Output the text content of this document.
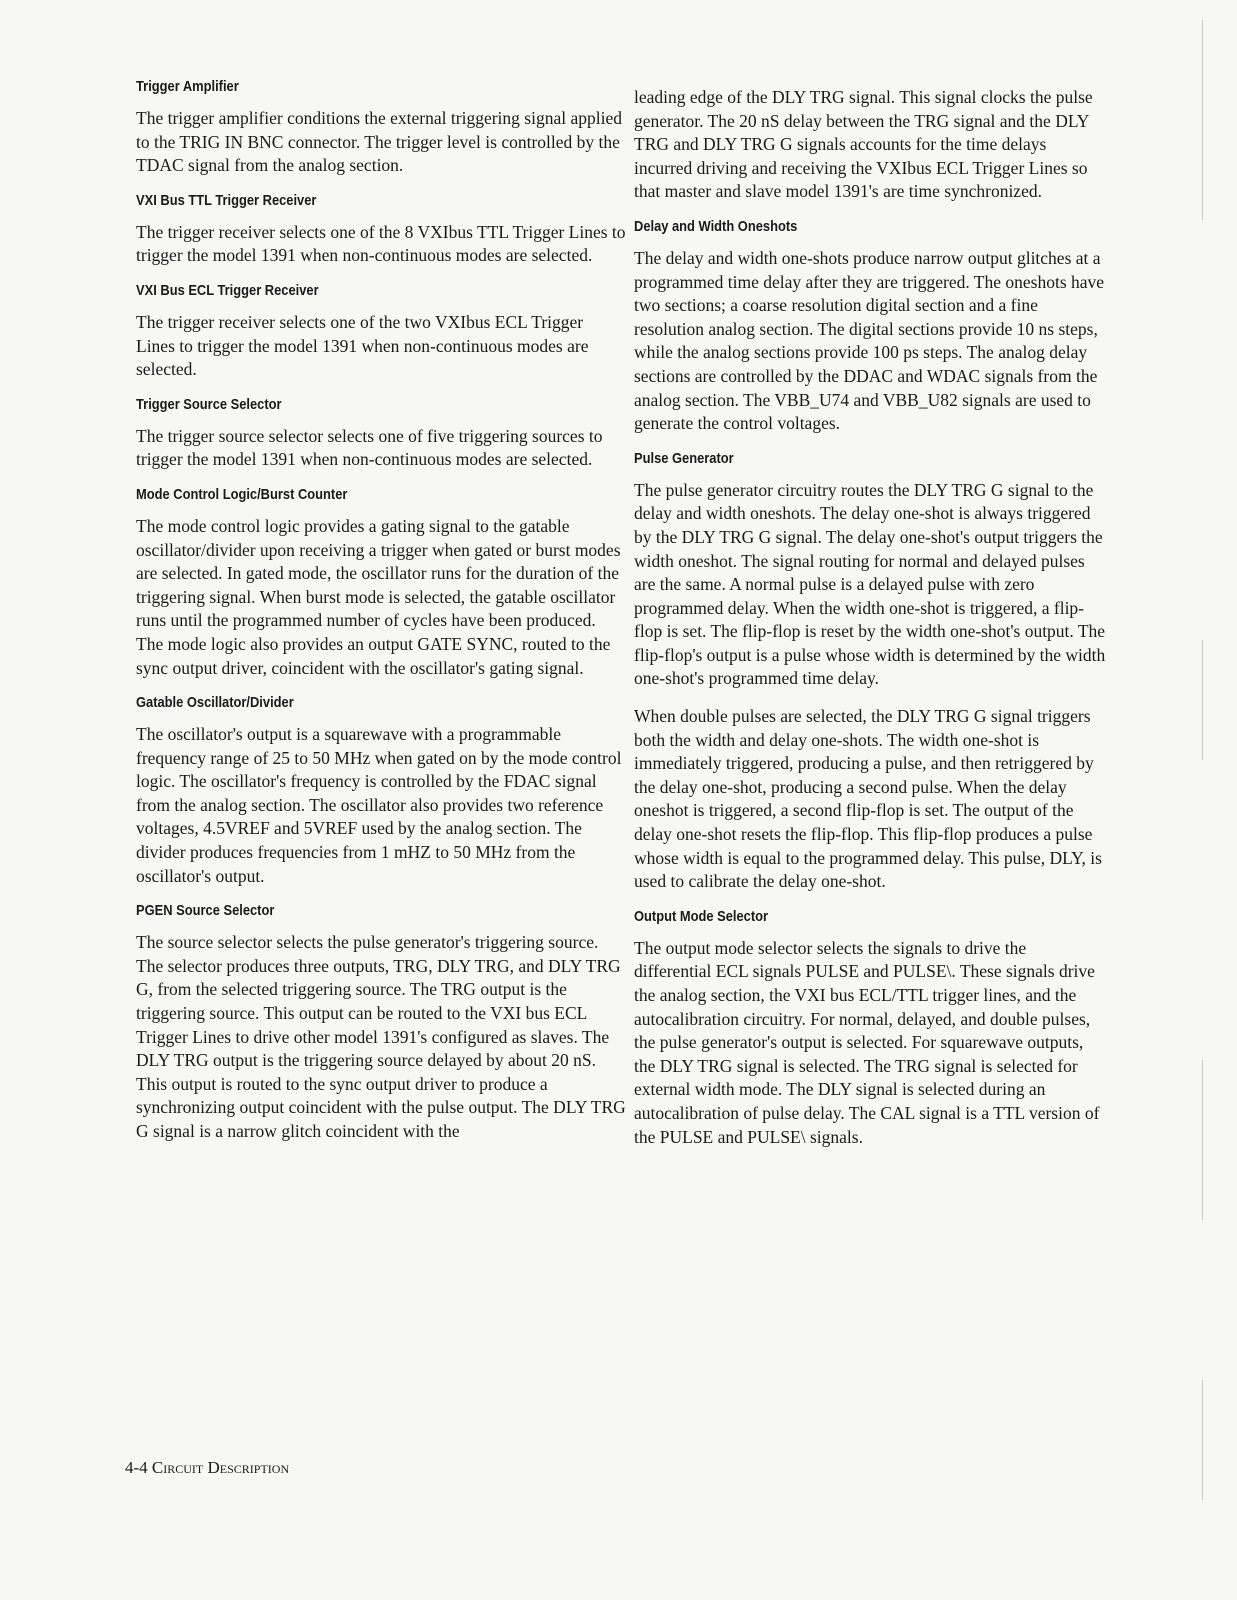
Trigger Amplifier

The trigger amplifier conditions the external triggering signal applied to the TRIG IN BNC connector. The trigger level is controlled by the TDAC signal from the analog section.

VXI Bus TTL Trigger Receiver

The trigger receiver selects one of the 8 VXIbus TTL Trigger Lines to trigger the model 1391 when non-continuous modes are selected.

VXI Bus ECL Trigger Receiver

The trigger receiver selects one of the two VXIbus ECL Trigger Lines to trigger the model 1391 when non-continuous modes are selected.

Trigger Source Selector

The trigger source selector selects one of five triggering sources to trigger the model 1391 when non-continuous modes are selected.

Mode Control Logic/Burst Counter

The mode control logic provides a gating signal to the gatable oscillator/divider upon receiving a trigger when gated or burst modes are selected. In gated mode, the oscillator runs for the duration of the triggering signal. When burst mode is selected, the gatable oscillator runs until the programmed number of cycles have been produced. The mode logic also provides an output GATE SYNC, routed to the sync output driver, coincident with the oscillator's gating signal.

Gatable Oscillator/Divider

The oscillator's output is a squarewave with a programmable frequency range of 25 to 50 MHz when gated on by the mode control logic. The oscillator's frequency is controlled by the FDAC signal from the analog section. The oscillator also provides two reference voltages, 4.5VREF and 5VREF used by the analog section. The divider produces frequencies from 1 mHZ to 50 MHz from the oscillator's output.

PGEN Source Selector

The source selector selects the pulse generator's triggering source. The selector produces three outputs, TRG, DLY TRG, and DLY TRG G, from the selected triggering source. The TRG output is the triggering source. This output can be routed to the VXI bus ECL Trigger Lines to drive other model 1391's configured as slaves. The DLY TRG output is the triggering source delayed by about 20 nS. This output is routed to the sync output driver to produce a synchronizing output coincident with the pulse output. The DLY TRG G signal is a narrow glitch coincident with the

leading edge of the DLY TRG signal. This signal clocks the pulse generator. The 20 nS delay between the TRG signal and the DLY TRG and DLY TRG G signals accounts for the time delays incurred driving and receiving the VXIbus ECL Trigger Lines so that master and slave model 1391's are time synchronized.

Delay and Width Oneshots

The delay and width one-shots produce narrow output glitches at a programmed time delay after they are triggered. The oneshots have two sections; a coarse resolution digital section and a fine resolution analog section. The digital sections provide 10 ns steps, while the analog sections provide 100 ps steps. The analog delay sections are controlled by the DDAC and WDAC signals from the analog section. The VBB_U74 and VBB_U82 signals are used to generate the control voltages.

Pulse Generator

The pulse generator circuitry routes the DLY TRG G signal to the delay and width oneshots. The delay one-shot is always triggered by the DLY TRG G signal. The delay one-shot's output triggers the width oneshot. The signal routing for normal and delayed pulses are the same. A normal pulse is a delayed pulse with zero programmed delay. When the width one-shot is triggered, a flip-flop is set. The flip-flop is reset by the width one-shot's output. The flip-flop's output is a pulse whose width is determined by the width one-shot's programmed time delay.

When double pulses are selected, the DLY TRG G signal triggers both the width and delay one-shots. The width one-shot is immediately triggered, producing a pulse, and then retriggered by the delay one-shot, producing a second pulse. When the delay oneshot is triggered, a second flip-flop is set. The output of the delay one-shot resets the flip-flop. This flip-flop produces a pulse whose width is equal to the programmed delay. This pulse, DLY, is used to calibrate the delay one-shot.

Output Mode Selector

The output mode selector selects the signals to drive the differential ECL signals PULSE and PULSE\. These signals drive the analog section, the VXI bus ECL/TTL trigger lines, and the autocalibration circuitry. For normal, delayed, and double pulses, the pulse generator's output is selected. For squarewave outputs, the DLY TRG signal is selected. The TRG signal is selected for external width mode. The DLY signal is selected during an autocalibration of pulse delay. The CAL signal is a TTL version of the PULSE and PULSE\ signals.

4-4 Circuit Description
